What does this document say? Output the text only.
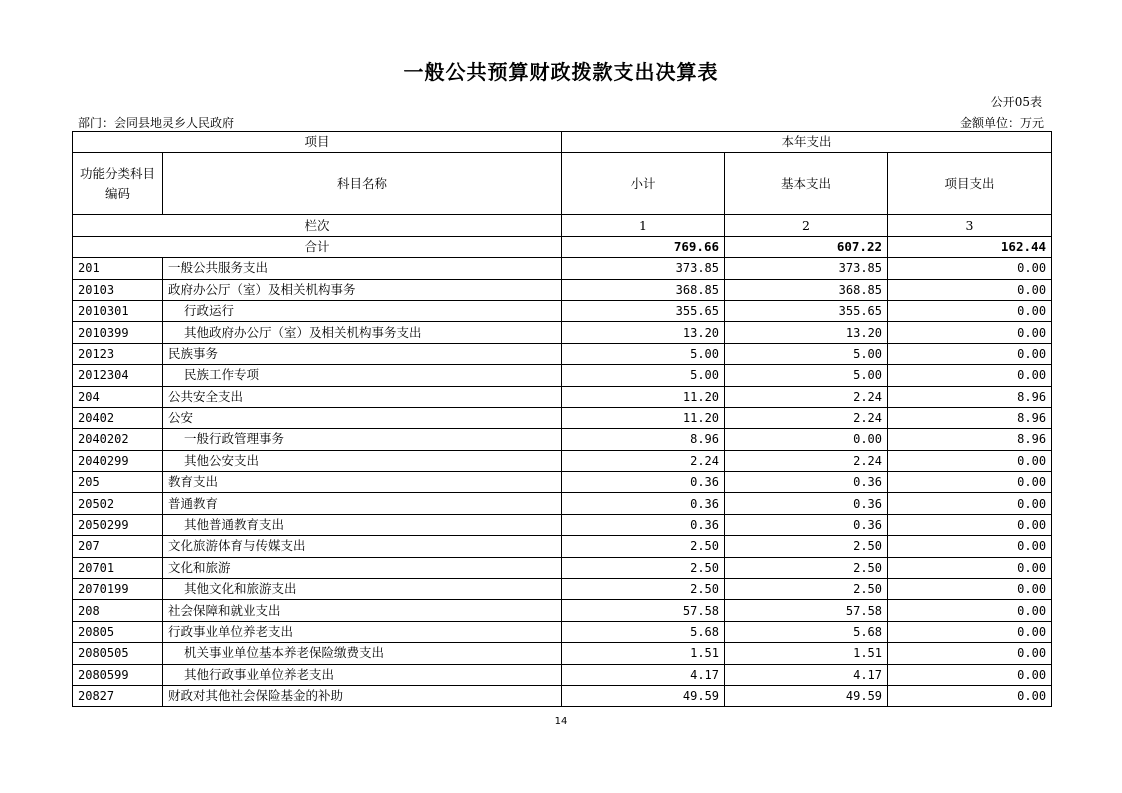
一般公共预算财政拨款支出决算表
公开05表
部门：会同县地灵乡人民政府	金额单位：万元
项目		本年支出		
功能分类科目编码	科目名称	小计	基本支出	项目支出
栏次		1	2	3
合计		769.66	607.22	162.44
201	一般公共服务支出	373.85	373.85	0.00
20103	政府办公厅（室）及相关机构事务	368.85	368.85	0.00
2010301	行政运行	355.65	355.65	0.00
2010399	其他政府办公厅（室）及相关机构事务支出	13.20	13.20	0.00
20123	民族事务	5.00	5.00	0.00
2012304	民族工作专项	5.00	5.00	0.00
204	公共安全支出	11.20	2.24	8.96
20402	公安	11.20	2.24	8.96
2040202	一般行政管理事务	8.96	0.00	8.96
2040299	其他公安支出	2.24	2.24	0.00
205	教育支出	0.36	0.36	0.00
20502	普通教育	0.36	0.36	0.00
2050299	其他普通教育支出	0.36	0.36	0.00
207	文化旅游体育与传媒支出	2.50	2.50	0.00
20701	文化和旅游	2.50	2.50	0.00
2070199	其他文化和旅游支出	2.50	2.50	0.00
208	社会保障和就业支出	57.58	57.58	0.00
20805	行政事业单位养老支出	5.68	5.68	0.00
2080505	机关事业单位基本养老保险缴费支出	1.51	1.51	0.00
2080599	其他行政事业单位养老支出	4.17	4.17	0.00
20827	财政对其他社会保险基金的补助	49.59	49.59	0.00
14
